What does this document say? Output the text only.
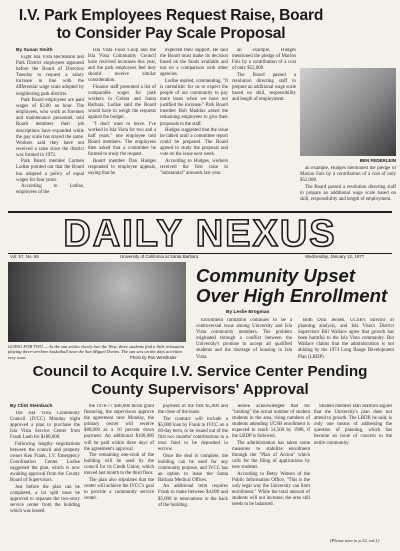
I.V. Park Employees Request Raise, Board to Consider Pay Scale Proposal
By Susan Smith

Eight Isla Vista Recreation and Park District employees appeared before the Board of Directors Tuesday to request a salary increase in line with the differential wage scale adopted by neighboring park districts.

Park Board employees are paid wages of $3.00 an hour. The employees, who work as foremen and maintenance personnel, told Board members their job descriptions have expanded while the pay scale has stayed the same. Workers said they have not received a raise since the district was formed in 1972.

Park Board member Carmen Lodise pointed out that the Board has adopted a policy of equal wages for four years.

According to Lodise, employees of the

Isla Vista Food Coop and the Isla Vista Community Council have received increases this year, and the park employees feel they should receive similar consideration.

Finance staff presented a list of comparable wages for park workers in Goleta and Santa Barbara. Lodise said the Board would have to weigh the requests against the budget.

"I don't want to leave. I've worked in Isla Vista for two and a half years," one employee told Board members. The employees then asked that a committee be formed to study the request.

Board member Dan Hudges responded to employee appeals, saying that he

expected their support. He said the Board must make its decision based on the funds available and not on a comparison with other agencies.

Lodise replied, commenting, "It is unrealistic for us to expect the people of our community to pay more taxes when we have not justified the increase." Park Board member Bob Maddux asked the remaining employees to give their proposals to the staff.

Hudges suggested that the issue be tabled until a committee report could be prepared. The Board agreed to study the proposal and vote on the issue next week.

According to Hudges, workers received the first raise in "substantial" amounts last year.

an example, Hudges mentioned the pledge of Marion Fuls by a contribution of a cost of only $52,000.

The Board passed a resolution directing staff to prepare an additional wage scale based on skill, responsibility and length of employment.

BEN FEDERLEIN

an example, Hudges mentioned the pledge of Marion Fuls by a contribution of a cost of only $52,000.

The Board passed a resolution directing staff to prepare an additional wage scale based on skill, responsibility and length of employment.

DAILY NEXUS
Vol. 57, No. 66	University of California at Santa Barbara	Wednesday, January 12, 1977
GOING FOR TWO — As the sun settles slowly into the West, three students find a little relaxation playing three-on-three basketball near the San Miguel Dorms. The sun sets on the days activities very soon.	Photo by Ron Weinthaler
Community Upset Over High Enrollment
By Leslie Brogman

Enrollment limitation continues to be a controversial issue among University and Isla Vista community members. The problem originated through a conflict between the University's promise to accept all qualified students and the shortage of housing in Isla Vista.

Both Dick Jensen, UCSB's director of planning analysis, and Isla Vista's District Supervisor Bill Wallace agree that growth has been harmful to the Isla Vista community. But Wallace claims that the administration is not abiding by the 1974 Long Range Development Plan (LRDP).

Council to Acquire I.V. Service Center Pending County Supervisors' Approval
By Clint Steinbach

The Isla Vista Community Council (IVCC) Monday night approved a plan to purchase the Isla Vista Service Center from Frank Loeb for $188,000.

Following lengthy negotiations between the council and property owner Ken Frank, I.V. Emergency Coordination Center Lodise suggested the plan, which is now awaiting approval from the County Board of Supervisors.

Just before the plan can be completed, a lot split must be approved to separate the two-story service center from the building which was leased.

the 1976-77 $48,000 block grant financing, the supervisors approve the agreement next Monday, the primary owner will receive $80,000 as a 10 percent down payment. An additional $108,000 will be paid within three days of the agreement's approval.

The remaining one-sixth of the building will be used by the council for its Credit Union, which moved last month to the third floor.

The plan also stipulates that the center will achieve the IVCC's goal to provide a community service center.

payment of the first $5,000 and the close of the lease.

The contract will include a $5,000 loan by Frank to IVCC on a 60-day term, to be issued out of the first two months' contributions to a trust fund to be deposited in escrow.

Once the deal is complete, the building can be used for any community purpose, and IVCC has an option to lease the Santa Barbara Medical Offices.

An additional term requires Frank to make between $4,000 and $5,000 in renovations to the back of the building.

Jensen acknowledged that for "limiting" the actual number of student students in the area, rising numbers of students attending UCSB enrollment is expected to reach 14,500 by 1980, if the LRDP is followed.

The administration has taken some measures to stabilize enrollment through the "Plan of Action" which calls for the filing of applications by new students.

According to Betsy Watson of the Public Information Office, "This is the only legal way the University can limit enrollment." While the total amount of students will not increase, the area still needs to be balanced.

Student member Dan Stafford argues that the University's plan does not attend to growth. The LRDP, he said, is only one means of addressing the question of planning, which has become an issue of concern to the entire community.

(Please turn to p.12, col.1)
